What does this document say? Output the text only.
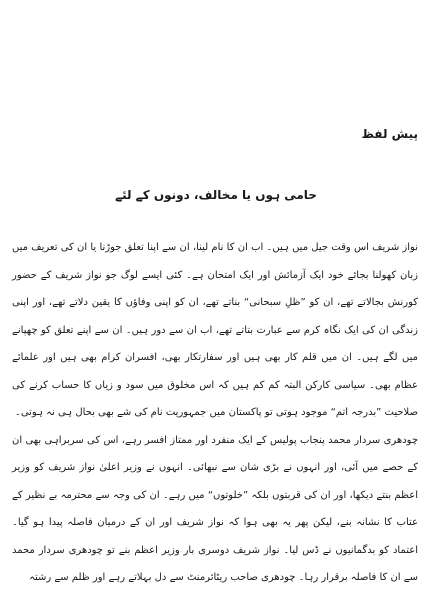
پیش لفظ
حامی ہوں یا مخالف، دونوں کے لئے

نواز شریف اس وقت جیل میں ہیں۔ اب ان کا نام لینا، ان سے اپنا تعلق جوڑنا یا ان کی تعریف میں زبان کھولنا بجائے خود ایک آزمائش اور ایک امتحان ہے۔ کئی ایسے لوگ جو نواز شریف کے حضور کورنش بجالاتے تھے، ان کو ”ظلِ سبحانی“ بناتے تھے، ان کو اپنی وفاؤں کا یقین دلاتے تھے، اور اپنی زندگی ان کی ایک نگاہ کرم سے عبارت بتاتے تھے، اب ان سے دور ہیں۔ ان سے اپنے تعلق کو چھپانے میں لگے ہیں۔ ان میں قلم کار بھی ہیں اور سفارتکار بھی، افسران کرام بھی ہیں اور علمائے عظام بھی۔ سیاسی کارکن البتہ کم کم ہیں کہ اس مخلوق میں سود و زیاں کا حساب کرنے کی صلاحیت ”بدرجہ اتم“ موجود ہوتی تو پاکستان میں جمہوریت نام کی شے بھی بحال ہی نہ ہوتی۔

چودھری سردار محمد پنجاب پولیس کے ایک منفرد اور ممتاز افسر رہے، اس کی سربراہی بھی ان کے حصے میں آئی، اور انہوں نے بڑی شان سے نبھائی۔ انہوں نے وزیر اعلیٰ نواز شریف کو وزیر اعظم بنتے دیکھا، اور ان کی قربتوں بلکہ ”خلوتوں“ میں رہے۔ ان کی وجہ سے محترمہ بے نظیر کے عتاب کا نشانہ بنے، لیکن پھر یہ بھی ہوا کہ نواز شریف اور ان کے درمیان فاصلہ پیدا ہو گیا۔ اعتماد کو بدگمانیوں نے ڈس لیا۔ نواز شریف دوسری بار وزیر اعظم بنے تو چودھری سردار محمد سے ان کا فاصلہ برقرار رہا۔ چودھری صاحب ریٹائرمنٹ سے دل بہلاتے رہے اور ظلم سے رشتہ
